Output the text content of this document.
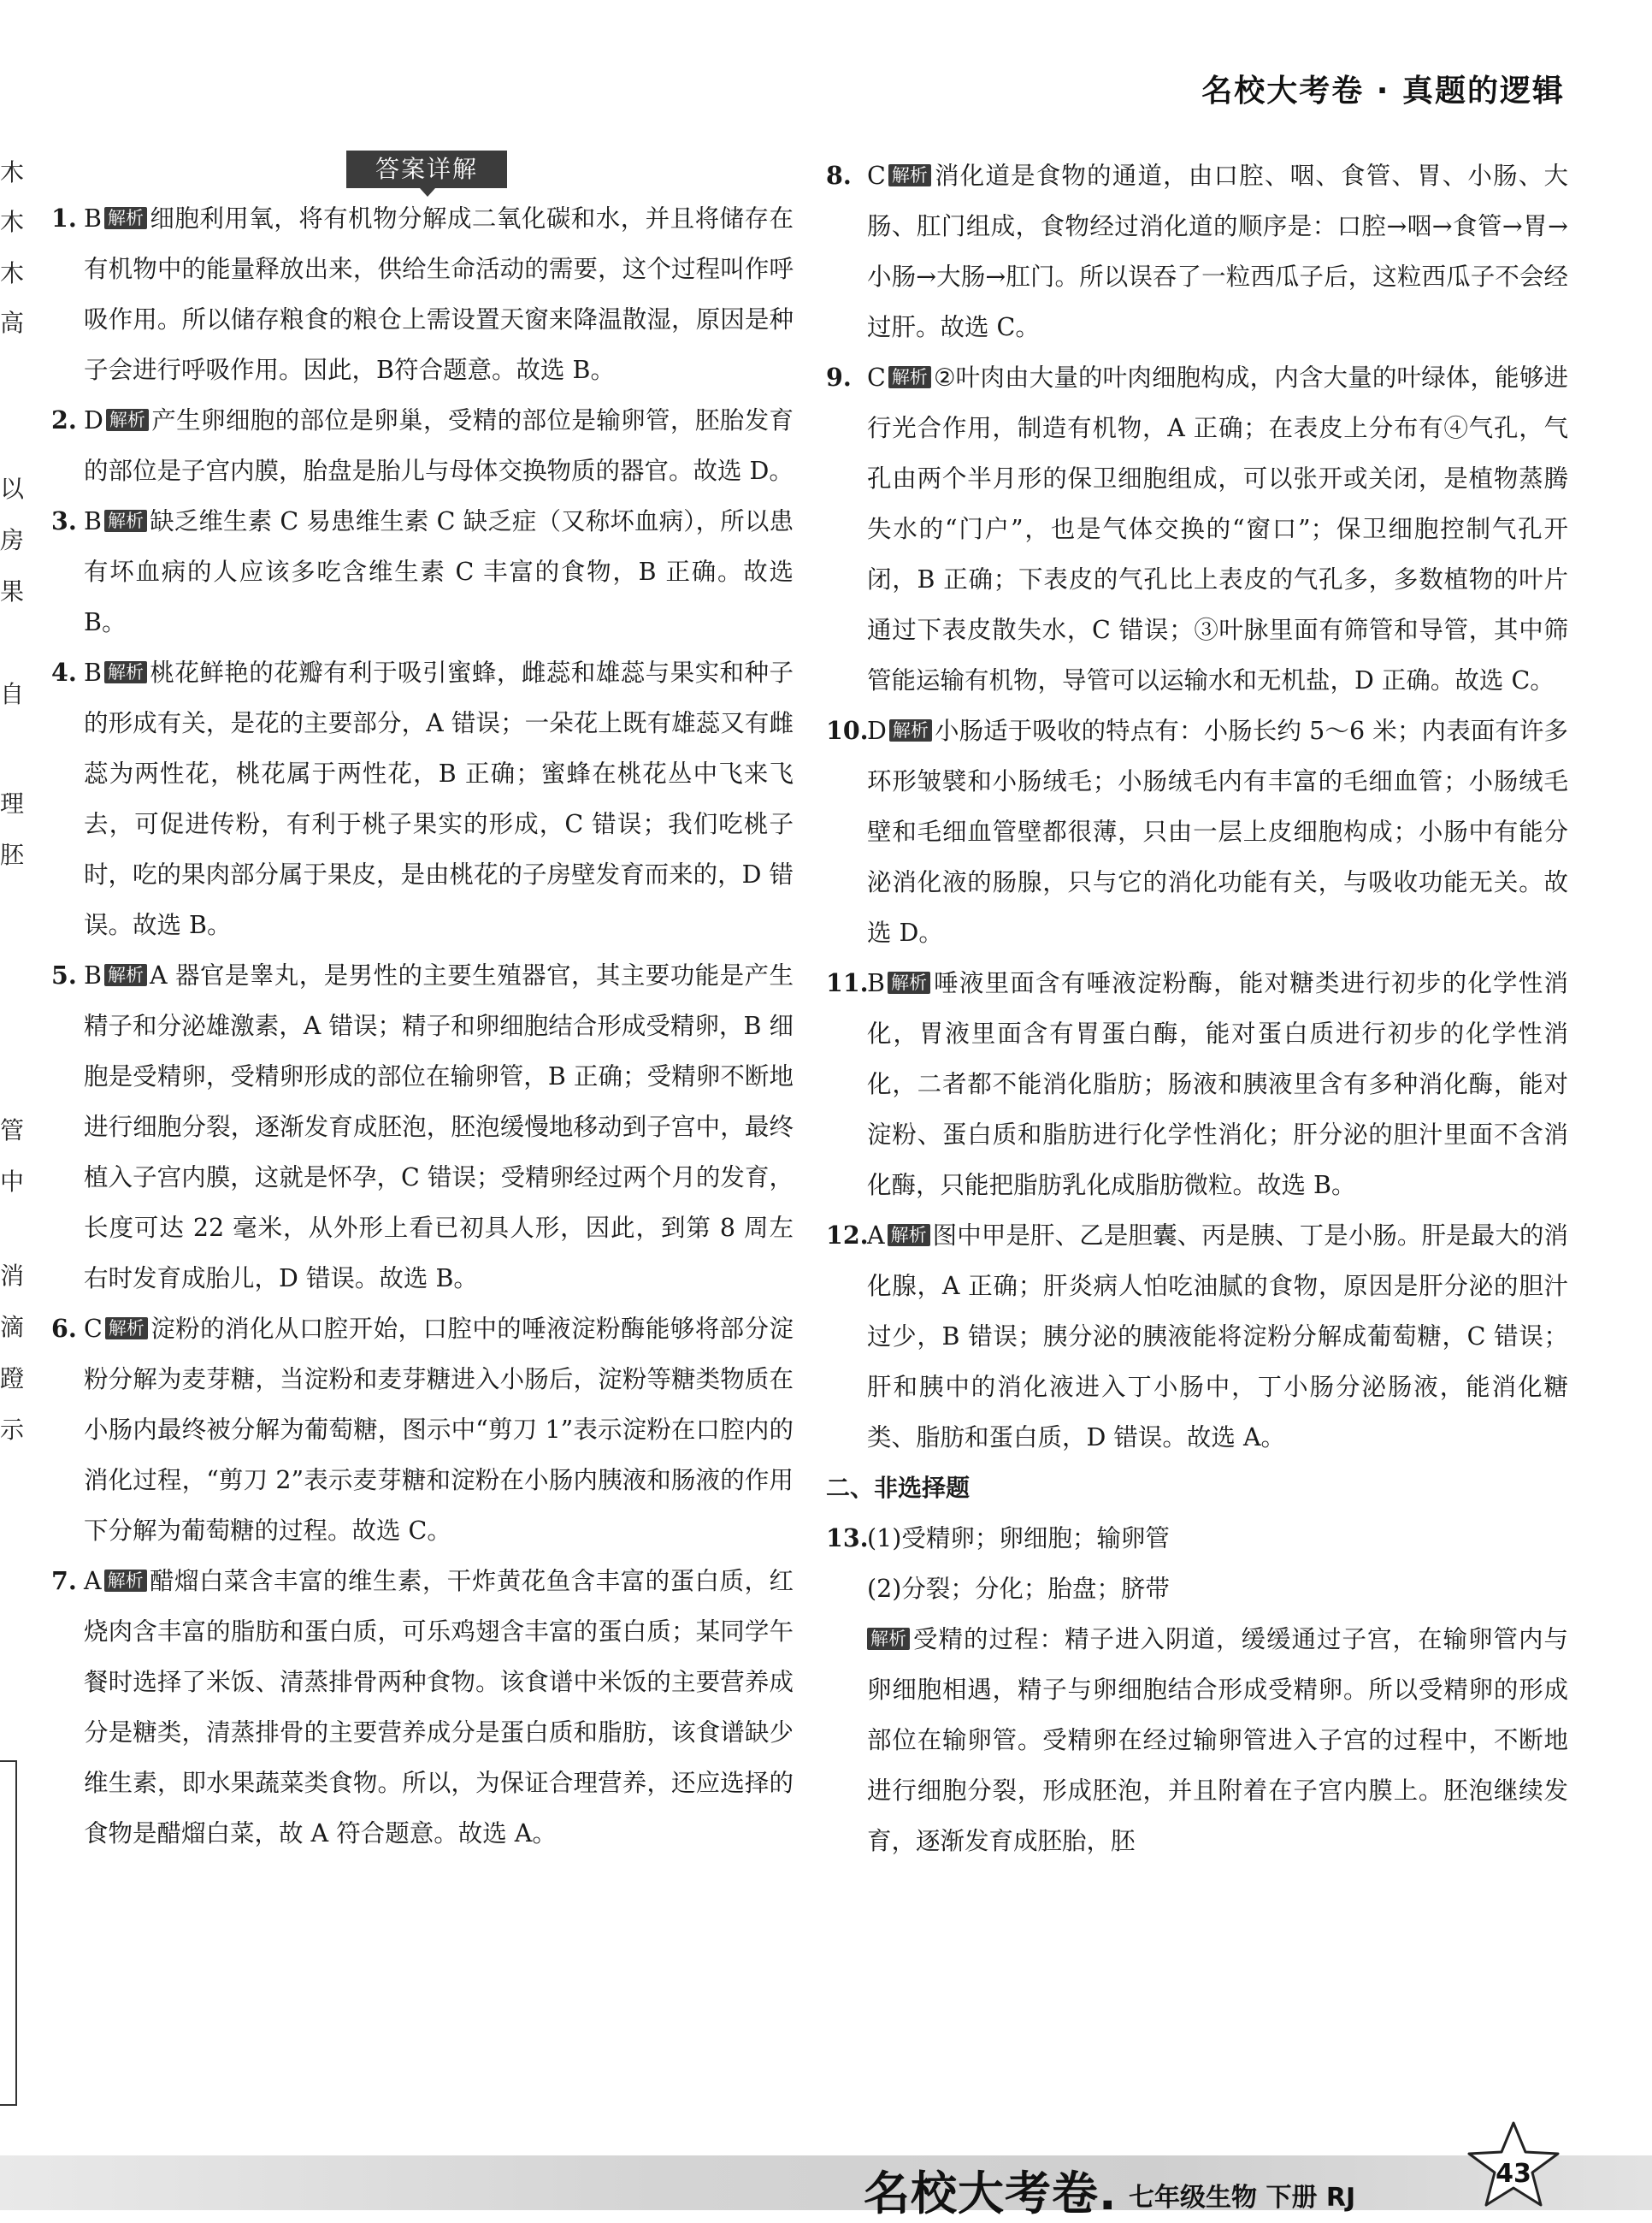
名校大考卷 · 真题的逻辑
木
木
木
高
以
房
果
自
理
胚
管
中
消
滴
蹬
示
答案详解

1. B 解析 细胞利用氧，将有机物分解成二氧化碳和水，并且将储存在有机物中的能量释放出来，供给生命活动的需要，这个过程叫作呼吸作用。所以储存粮食的粮仓上需设置天窗来降温散湿，原因是种子会进行呼吸作用。因此，B符合题意。故选 B。

2. D 解析 产生卵细胞的部位是卵巢，受精的部位是输卵管，胚胎发育的部位是子宫内膜，胎盘是胎儿与母体交换物质的器官。故选 D。

3. B 解析 缺乏维生素 C 易患维生素 C 缺乏症（又称坏血病），所以患有坏血病的人应该多吃含维生素 C 丰富的食物，B 正确。故选 B。

4. B 解析 桃花鲜艳的花瓣有利于吸引蜜蜂，雌蕊和雄蕊与果实和种子的形成有关，是花的主要部分，A 错误；一朵花上既有雄蕊又有雌蕊为两性花，桃花属于两性花，B 正确；蜜蜂在桃花丛中飞来飞去，可促进传粉，有利于桃子果实的形成，C 错误；我们吃桃子时，吃的果肉部分属于果皮，是由桃花的子房壁发育而来的，D 错误。故选 B。

5. B 解析 A 器官是睾丸，是男性的主要生殖器官，其主要功能是产生精子和分泌雄激素，A 错误；精子和卵细胞结合形成受精卵，B 细胞是受精卵，受精卵形成的部位在输卵管，B 正确；受精卵不断地进行细胞分裂，逐渐发育成胚泡，胚泡缓慢地移动到子宫中，最终植入子宫内膜，这就是怀孕，C 错误；受精卵经过两个月的发育，长度可达 22 毫米，从外形上看已初具人形，因此，到第 8 周左右时发育成胎儿，D 错误。故选 B。

6. C 解析 淀粉的消化从口腔开始，口腔中的唾液淀粉酶能够将部分淀粉分解为麦芽糖，当淀粉和麦芽糖进入小肠后，淀粉等糖类物质在小肠内最终被分解为葡萄糖，图示中“剪刀 1”表示淀粉在口腔内的消化过程，“剪刀 2”表示麦芽糖和淀粉在小肠内胰液和肠液的作用下分解为葡萄糖的过程。故选 C。

7. A 解析 醋熘白菜含丰富的维生素，干炸黄花鱼含丰富的蛋白质，红烧肉含丰富的脂肪和蛋白质，可乐鸡翅含丰富的蛋白质；某同学午餐时选择了米饭、清蒸排骨两种食物。该食谱中米饭的主要营养成分是糖类，清蒸排骨的主要营养成分是蛋白质和脂肪，该食谱缺少维生素，即水果蔬菜类食物。所以，为保证合理营养，还应选择的食物是醋熘白菜，故 A 符合题意。故选 A。

8. C 解析 消化道是食物的通道，由口腔、咽、食管、胃、小肠、大肠、肛门组成，食物经过消化道的顺序是：口腔→咽→食管→胃→小肠→大肠→肛门。所以误吞了一粒西瓜子后，这粒西瓜子不会经过肝。故选 C。

9. C 解析 ②叶肉由大量的叶肉细胞构成，内含大量的叶绿体，能够进行光合作用，制造有机物，A 正确；在表皮上分布有④气孔，气孔由两个半月形的保卫细胞组成，可以张开或关闭，是植物蒸腾失水的“门户”，也是气体交换的“窗口”；保卫细胞控制气孔开闭，B 正确；下表皮的气孔比上表皮的气孔多，多数植物的叶片通过下表皮散失水，C 错误；③叶脉里面有筛管和导管，其中筛管能运输有机物，导管可以运输水和无机盐，D 正确。故选 C。

10.
D 解析 小肠适于吸收的特点有：小肠长约 5～6 米；内表面有许多环形皱襞和小肠绒毛；小肠绒毛内有丰富的毛细血管；小肠绒毛壁和毛细血管壁都很薄，只由一层上皮细胞构成；小肠中有能分泌消化液的肠腺，只与它的消化功能有关，与吸收功能无关。故选 D。

11.
B 解析 唾液里面含有唾液淀粉酶，能对糖类进行初步的化学性消化，胃液里面含有胃蛋白酶，能对蛋白质进行初步的化学性消化，二者都不能消化脂肪；肠液和胰液里含有多种消化酶，能对淀粉、蛋白质和脂肪进行化学性消化；肝分泌的胆汁里面不含消化酶，只能把脂肪乳化成脂肪微粒。故选 B。

12.
A 解析 图中甲是肝、乙是胆囊、丙是胰、丁是小肠。肝是最大的消化腺，A 正确；肝炎病人怕吃油腻的食物，原因是肝分泌的胆汁过少，B 错误；胰分泌的胰液能将淀粉分解成葡萄糖，C 错误；肝和胰中的消化液进入丁小肠中，丁小肠分泌肠液，能消化糖类、脂肪和蛋白质，D 错误。故选 A。

二、非选择题

13.
(1)受精卵；卵细胞；输卵管

(2)分裂；分化；胎盘；脐带

解析 受精的过程：精子进入阴道，缓缓通过子宫，在输卵管内与卵细胞相遇，精子与卵细胞结合形成受精卵。所以受精卵的形成部位在输卵管。受精卵在经过输卵管进入子宫的过程中，不断地进行细胞分裂，形成胚泡，并且附着在子宫内膜上。胚泡继续发育，逐渐发育成胚胎，胚

名校大考卷. 七年级生物 下册 RJ
43
